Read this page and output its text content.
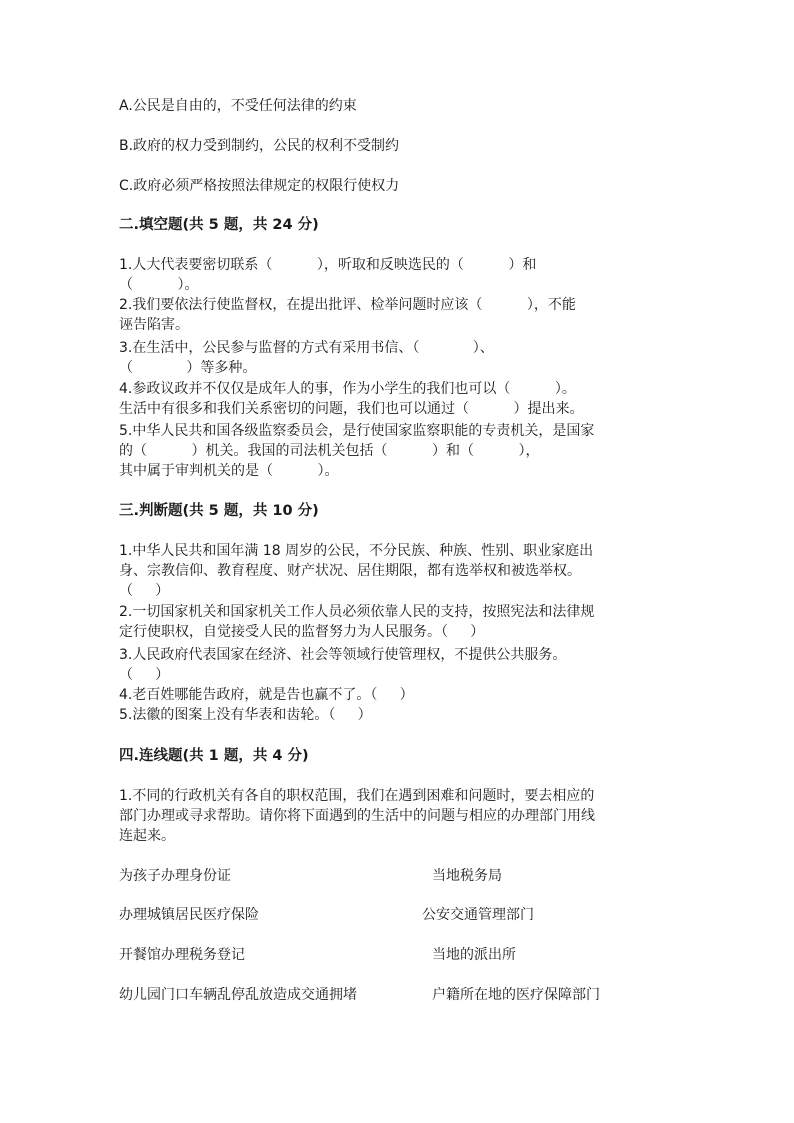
A.公民是自由的，不受任何法律的约束
B.政府的权力受到制约，公民的权利不受制约
C.政府必须严格按照法律规定的权限行使权力
二.填空题(共 5 题，共 24 分)
1.人大代表要密切联系（          ），听取和反映选民的（          ）和
（          ）。
2.我们要依法行使监督权，在提出批评、检举问题时应该（          ），不能
诬告陷害。
3.在生活中，公民参与监督的方式有采用书信、（            ）、
（            ）等多种。
4.参政议政并不仅仅是成年人的事，作为小学生的我们也可以（          ）。
生活中有很多和我们关系密切的问题，我们也可以通过（          ）提出来。
5.中华人民共和国各级监察委员会，是行使国家监察职能的专责机关，是国家
的（          ）机关。我国的司法机关包括（          ）和（          ），
其中属于审判机关的是（          ）。
三.判断题(共 5 题，共 10 分)
1.中华人民共和国年满 18 周岁的公民，不分民族、种族、性别、职业家庭出
身、宗教信仰、教育程度、财产状况、居住期限，都有选举权和被选举权。
（     ）
2.一切国家机关和国家机关工作人员必须依靠人民的支持，按照宪法和法律规
定行使职权，自觉接受人民的监督努力为人民服务。（     ）
3.人民政府代表国家在经济、社会等领域行使管理权，不提供公共服务。
（     ）
4.老百姓哪能告政府，就是告也赢不了。（     ）
5.法徽的图案上没有华表和齿轮。（     ）
四.连线题(共 1 题，共 4 分)
1.不同的行政机关有各自的职权范围，我们在遇到困难和问题时，要去相应的
部门办理或寻求帮助。请你将下面遇到的生活中的问题与相应的办理部门用线
连起来。
为孩子办理身份证	当地税务局
办理城镇居民医疗保险	公安交通管理部门
开餐馆办理税务登记	当地的派出所
幼儿园门口车辆乱停乱放造成交通拥堵	户籍所在地的医疗保障部门
